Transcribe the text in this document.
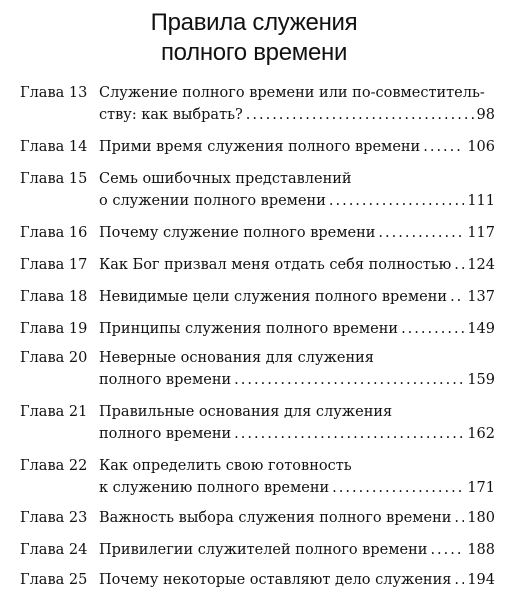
Правила служения
полного времени
Глава 13 Служение полного времени или по-совместитель-
ству: как выбрать? .....	98
Глава 14 Прими время служения полного времени .....	106
Глава 15 Семь ошибочных представлений
о служении полного времени .....	111
Глава 16 Почему служение полного времени .....	117
Глава 17 Как Бог призвал меня отдать себя полностью ..... 124
Глава 18 Невидимые цели служения полного времени ..... 137
Глава 19 Принципы служения полного времени .....	149
Глава 20 Неверные основания для служения
полного времени .....	159
Глава 21 Правильные основания для служения
полного времени .....	162
Глава 22 Как определить свою готовность
к служению полного времени .....	171
Глава 23 Важность выбора служения полного времени ..... 180
Глава 24 Привилегии служителей полного времени .....	188
Глава 25 Почему некоторые оставляют дело служения ..... 194
